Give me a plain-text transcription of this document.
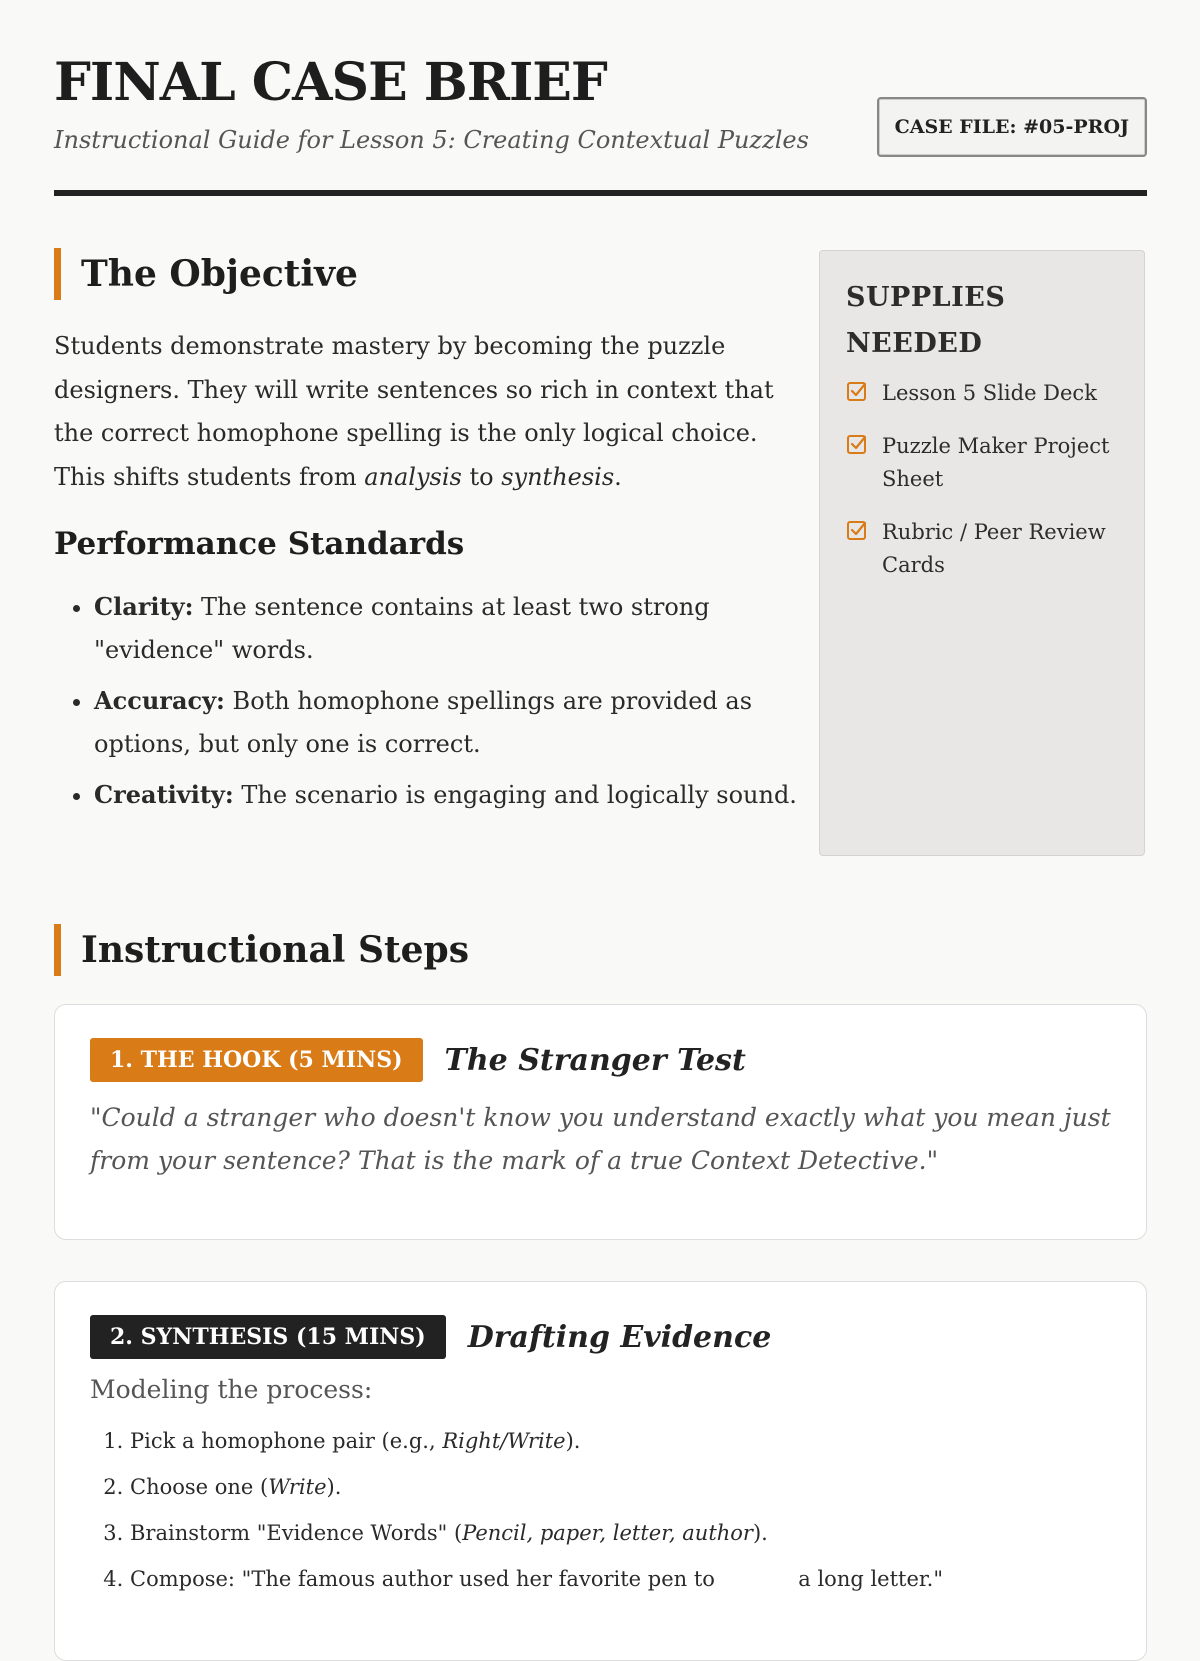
FINAL CASE BRIEF
Instructional Guide for Lesson 5: Creating Contextual Puzzles	CASE FILE: #05-PROJ
The Objective

Students demonstrate mastery by becoming the puzzle designers. They will write sentences so rich in context that the correct homophone spelling is the only logical choice. This shifts students from analysis to synthesis.

Performance Standards
• Clarity: The sentence contains at least two strong "evidence" words.
• Accuracy: Both homophone spellings are provided as options, but only one is correct.
• Creativity: The scenario is engaging and logically sound.
SUPPLIES NEEDED
Lesson 5 Slide Deck
Puzzle Maker Project Sheet
Rubric / Peer Review Cards
Instructional Steps
1. THE HOOK (5 MINS)	The Stranger Test

"Could a stranger who doesn't know you understand exactly what you mean just from your sentence? That is the mark of a true Context Detective."

2. SYNTHESIS (15 MINS)	Drafting Evidence

Modeling the process:

1. Pick a homophone pair (e.g., Right/Write).
2. Choose one (Write).
3. Brainstorm "Evidence Words" (Pencil, paper, letter, author).
4. Compose: "The famous author used her favorite pen to	a long letter."
